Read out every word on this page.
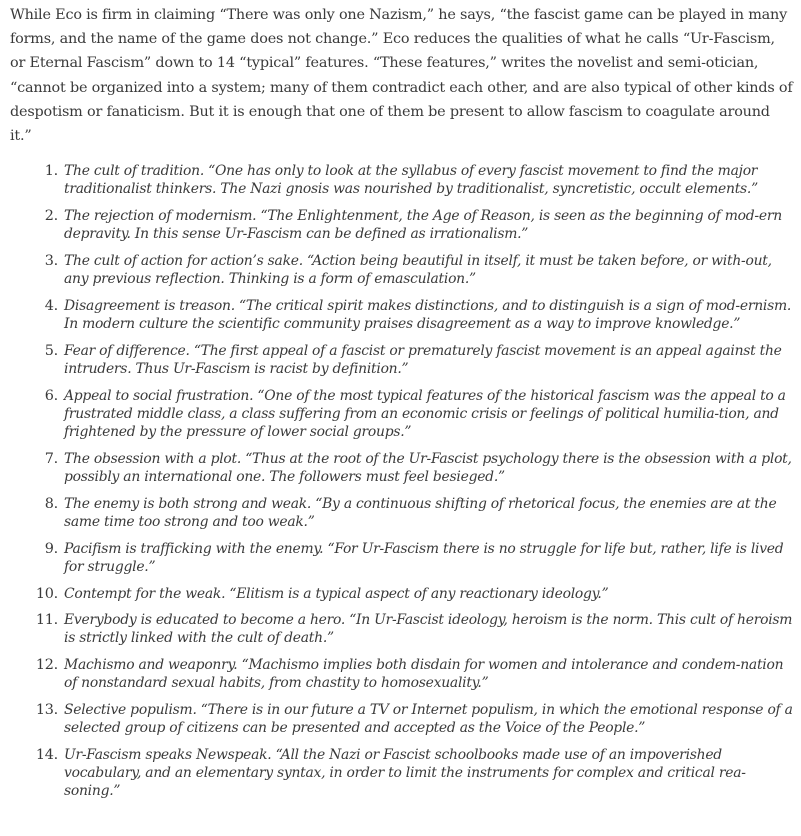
While Eco is firm in claiming “There was only one Nazism,” he says, “the fascist game can be played in many forms, and the name of the game does not change.” Eco reduces the qualities of what he calls “Ur-Fascism, or Eternal Fascism” down to 14 “typical” features. “These features,” writes the novelist and semi-otician, “cannot be organized into a system; many of them contradict each other, and are also typical of other kinds of despotism or fanaticism. But it is enough that one of them be present to allow fascism to coagulate around it.”

1. The cult of tradition. “One has only to look at the syllabus of every fascist movement to find the major traditionalist thinkers. The Nazi gnosis was nourished by traditionalist, syncretistic, occult elements.”
2. The rejection of modernism. “The Enlightenment, the Age of Reason, is seen as the beginning of mod-ern depravity. In this sense Ur-Fascism can be defined as irrationalism.”
3. The cult of action for action’s sake. “Action being beautiful in itself, it must be taken before, or with-out, any previous reflection. Thinking is a form of emasculation.”
4. Disagreement is treason. “The critical spirit makes distinctions, and to distinguish is a sign of mod-ernism. In modern culture the scientific community praises disagreement as a way to improve knowledge.”
5. Fear of difference. “The first appeal of a fascist or prematurely fascist movement is an appeal against the intruders. Thus Ur-Fascism is racist by definition.”
6. Appeal to social frustration. “One of the most typical features of the historical fascism was the appeal to a frustrated middle class, a class suffering from an economic crisis or feelings of political humilia-tion, and frightened by the pressure of lower social groups.”
7. The obsession with a plot. “Thus at the root of the Ur-Fascist psychology there is the obsession with a plot, possibly an international one. The followers must feel besieged.”
8. The enemy is both strong and weak. “By a continuous shifting of rhetorical focus, the enemies are at the same time too strong and too weak.”
9. Pacifism is trafficking with the enemy. “For Ur-Fascism there is no struggle for life but, rather, life is lived for struggle.”
10. Contempt for the weak. “Elitism is a typical aspect of any reactionary ideology.”
11. Everybody is educated to become a hero. “In Ur-Fascist ideology, heroism is the norm. This cult of heroism is strictly linked with the cult of death.”
12. Machismo and weaponry. “Machismo implies both disdain for women and intolerance and condem-nation of nonstandard sexual habits, from chastity to homosexuality.”
13. Selective populism. “There is in our future a TV or Internet populism, in which the emotional response of a selected group of citizens can be presented and accepted as the Voice of the People.”
14. Ur-Fascism speaks Newspeak. “All the Nazi or Fascist schoolbooks made use of an impoverished vocabulary, and an elementary syntax, in order to limit the instruments for complex and critical rea-soning.”
